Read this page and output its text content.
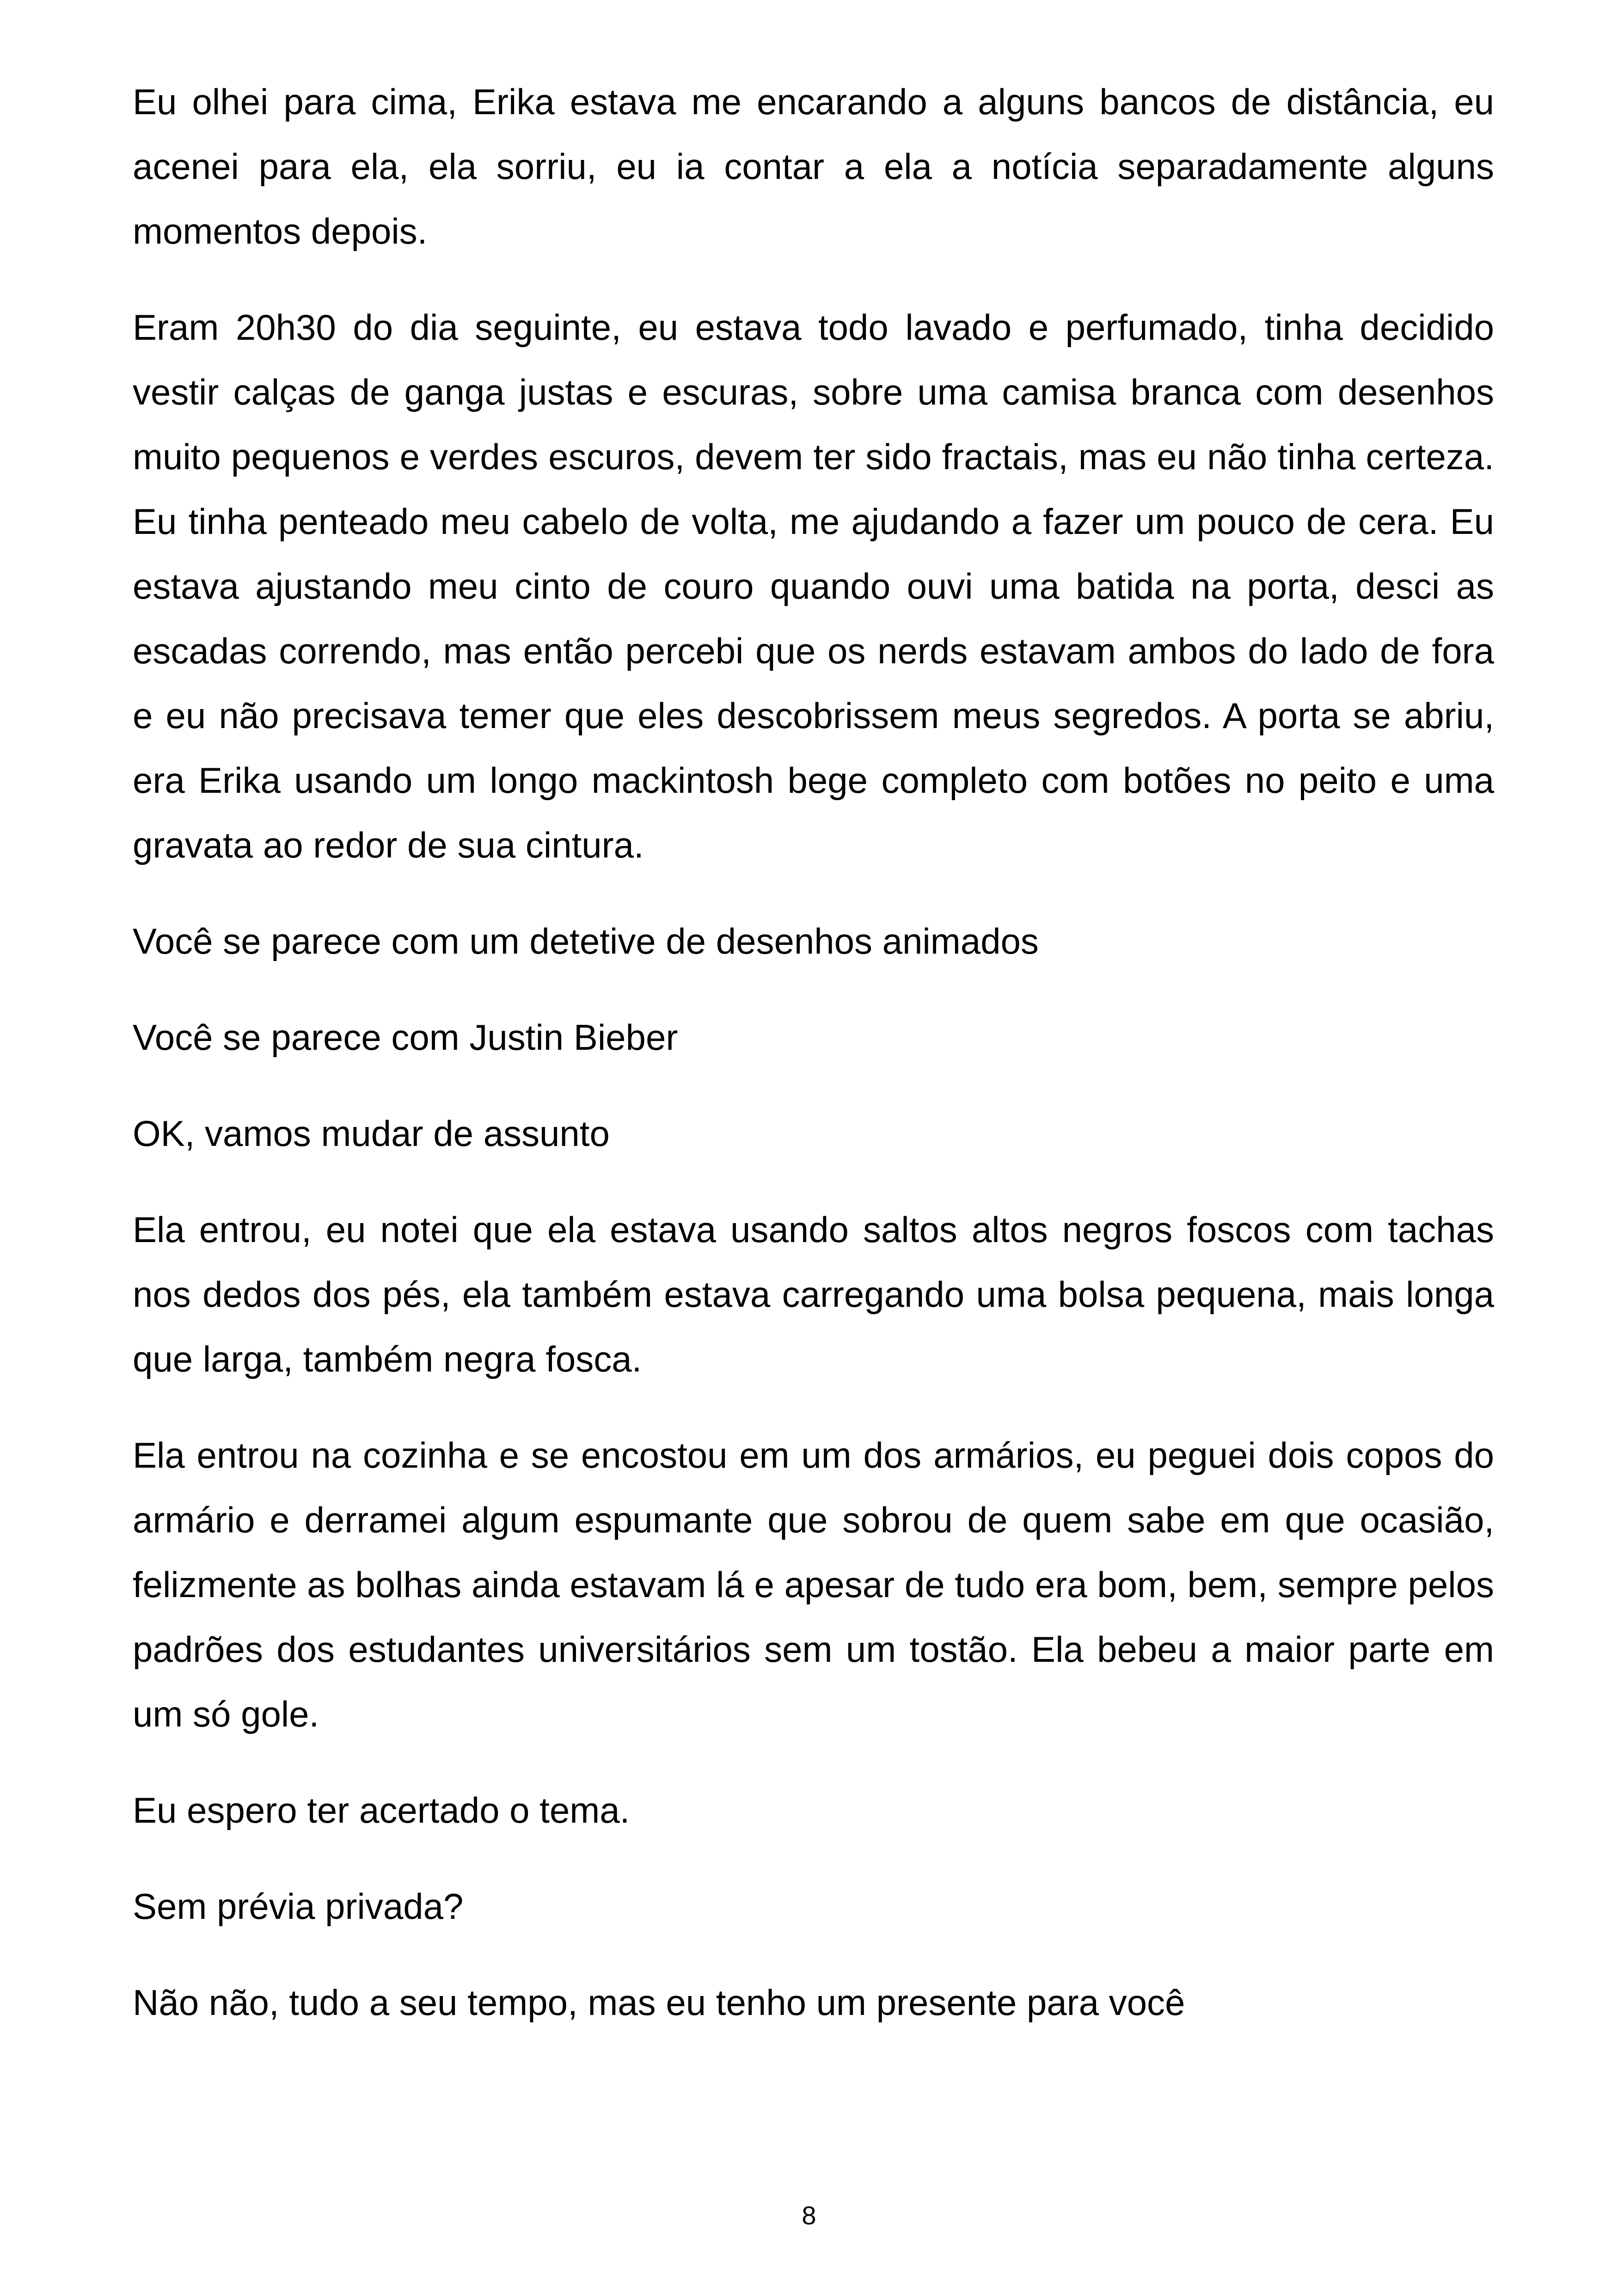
Eu olhei para cima, Erika estava me encarando a alguns bancos de distância, eu acenei para ela, ela sorriu, eu ia contar a ela a notícia separadamente alguns momentos depois.

Eram 20h30 do dia seguinte, eu estava todo lavado e perfumado, tinha decidido vestir calças de ganga justas e escuras, sobre uma camisa branca com desenhos muito pequenos e verdes escuros, devem ter sido fractais, mas eu não tinha certeza. Eu tinha penteado meu cabelo de volta, me ajudando a fazer um pouco de cera. Eu estava ajustando meu cinto de couro quando ouvi uma batida na porta, desci as escadas correndo, mas então percebi que os nerds estavam ambos do lado de fora e eu não precisava temer que eles descobrissem meus segredos. A porta se abriu, era Erika usando um longo mackintosh bege completo com botões no peito e uma gravata ao redor de sua cintura.

Você se parece com um detetive de desenhos animados

Você se parece com Justin Bieber

OK, vamos mudar de assunto

Ela entrou, eu notei que ela estava usando saltos altos negros foscos com tachas nos dedos dos pés, ela também estava carregando uma bolsa pequena, mais longa que larga, também negra fosca.

Ela entrou na cozinha e se encostou em um dos armários, eu peguei dois copos do armário e derramei algum espumante que sobrou de quem sabe em que ocasião, felizmente as bolhas ainda estavam lá e apesar de tudo era bom, bem, sempre pelos padrões dos estudantes universitários sem um tostão. Ela bebeu a maior parte em um só gole.

Eu espero ter acertado o tema.

Sem prévia privada?

Não não, tudo a seu tempo, mas eu tenho um presente para você

8
